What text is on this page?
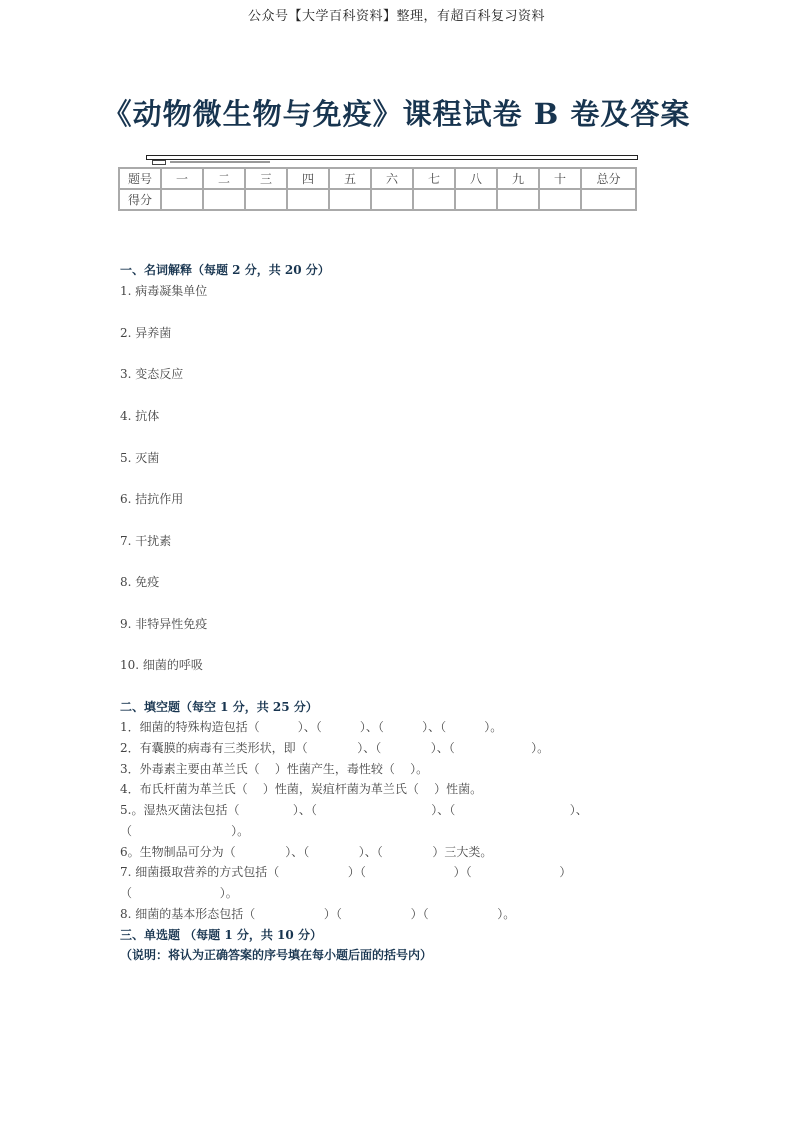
公众号【大学百科资料】整理，有超百科复习资料
《动物微生物与免疫》课程试卷 B 卷及答案
题号	一	二	三	四	五	六	七	八	九	十	总分
得分											
一、名词解释（每题 2 分，共 20 分）
1. 病毒凝集单位
2. 异养菌
3. 变态反应
4. 抗体
5. 灭菌
6. 拮抗作用
7. 干扰素
8. 免疫
9. 非特异性免疫
10. 细菌的呼吸
二、填空题（每空 1 分，共 25 分）
1．细菌的特殊构造包括（          ）、（          ）、（          ）、（          ）。
2．有囊膜的病毒有三类形状，即（             ）、（             ）、（                    ）。
3．外毒素主要由革兰氏（    ）性菌产生，毒性较（    ）。
4．布氏杆菌为革兰氏（    ）性菌，炭疽杆菌为革兰氏（    ）性菌。
5.。湿热灭菌法包括（              ）、（                              ）、（                              ）、
（                          ）。
6。生物制品可分为（             ）、（             ）、（             ）三大类。
7. 细菌摄取营养的方式包括（                  ）（                       ）（                       ）
（                       ）。
8. 细菌的基本形态包括（                  ）（                  ）（                  ）。
三、单选题 （每题 1 分，共 10 分）
（说明：将认为正确答案的序号填在每小题后面的括号内）
